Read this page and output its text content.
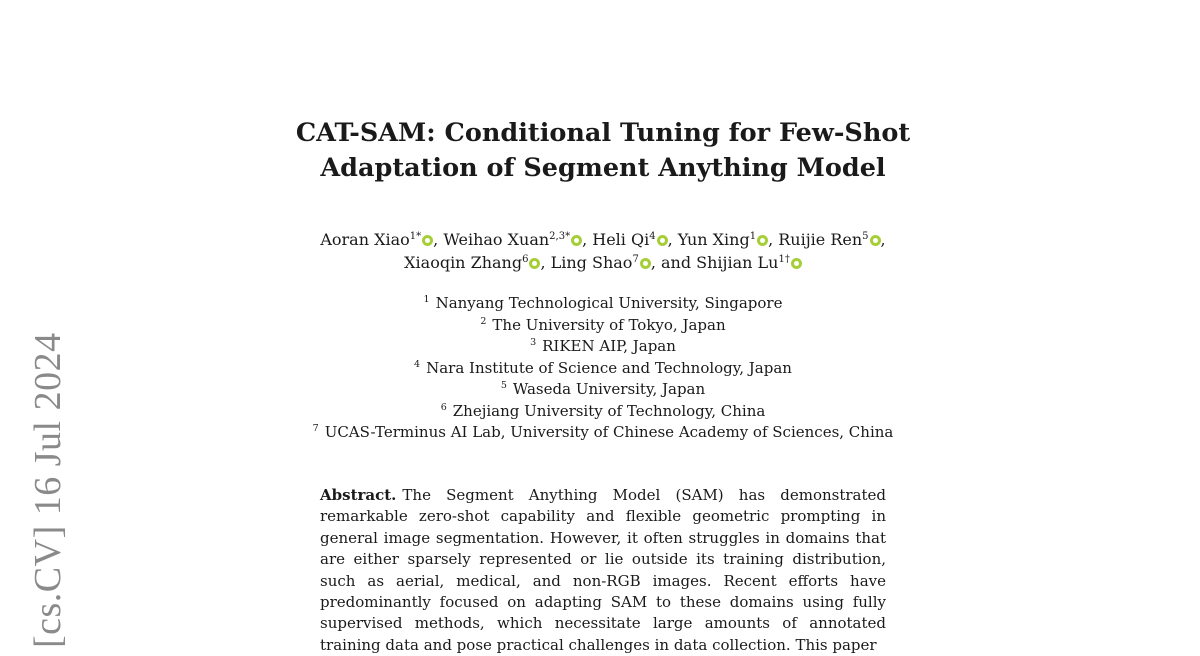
[cs.CV] 16 Jul 2024
CAT-SAM: Conditional Tuning for Few-Shot
Adaptation of Segment Anything Model
Aoran Xiao$^{1*}$ , Weihao Xuan$^{2,3*}$ , Heli Qi$^4$ , Yun Xing$^1$ , Ruijie Ren$^5$ ,
Xiaoqin Zhang$^6$ , Ling Shao$^7$ , and Shijian $Lu^{1\dagger}$
$^1$ Nanyang Technological University, Singapore
$^2$ The University of Tokyo, Japan
$^3$ RIKEN AIP, Japan
$^4$ Nara Institute of Science and Technology, Japan
$^5$ Waseda University, Japan
$^6$ Zhejiang University of Technology, China
$^7$ UCAS-Terminus AI Lab, University of Chinese Academy of Sciences, China
Abstract. The Segment Anything Model (SAM) has demonstrated remarkable zero-shot capability and flexible geometric prompting in general image segmentation. However, it often struggles in domains that are either sparsely represented or lie outside its training distribution, such as aerial, medical, and non-RGB images. Recent efforts have predominantly focused on adapting SAM to these domains using fully supervised methods, which necessitate large amounts of annotated training data and pose practical challenges in data collection. This paper
